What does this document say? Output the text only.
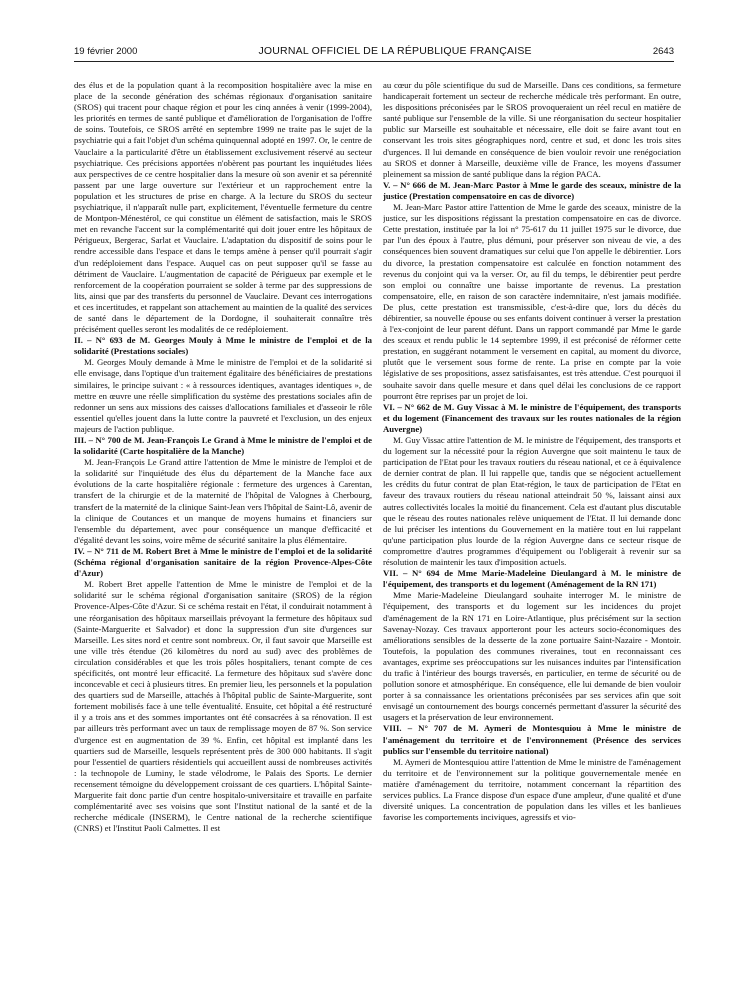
19 février 2000	JOURNAL OFFICIEL DE LA RÉPUBLIQUE FRANÇAISE	2643

des élus et de la population quant à la recomposition hospitalière avec la mise en place de la seconde génération des schémas régionaux d'organisation sanitaire (SROS) qui tracent pour chaque région et pour les cinq années à venir (1999-2004), les priorités en termes de santé publique et d'amélioration de l'organisation de l'offre de soins. Toutefois, ce SROS arrêté en septembre 1999 ne traite pas le sujet de la psychiatrie qui a fait l'objet d'un schéma quinquennal adopté en 1997. Or, le centre de Vauclaire a la particularité d'être un établissement exclusivement réservé au secteur psychiatrique. Ces précisions apportées n'obèrent pas pourtant les inquiétudes liées aux perspectives de ce centre hospitalier dans la mesure où son avenir et sa pérennité passent par une large ouverture sur l'extérieur et un rapprochement entre la population et les structures de prise en charge. A la lecture du SROS du secteur psychiatrique, il n'apparaît nulle part, explicitement, l'éventuelle fermeture du centre de Montpon-Ménestérol, ce qui constitue un élément de satisfaction, mais le SROS met en revanche l'accent sur la complémentarité qui doit jouer entre les hôpitaux de Périgueux, Bergerac, Sarlat et Vauclaire. L'adaptation du dispositif de soins pour le rendre accessible dans l'espace et dans le temps amène à penser qu'il pourrait s'agir d'un redéploiement dans l'espace. Auquel cas on peut supposer qu'il se fasse au détriment de Vauclaire. L'augmentation de capacité de Périgueux par exemple et le renforcement de la coopération pourraient se solder à terme par des suppressions de lits, ainsi que par des transferts du personnel de Vauclaire. Devant ces interrogations et ces incertitudes, et rappelant son attachement au maintien de la qualité des services de santé dans le département de la Dordogne, il souhaiterait connaître très précisément quelles seront les modalités de ce redéploiement.

II. – N° 693 de M. Georges Mouly à Mme le ministre de l'emploi et de la solidarité (Prestations sociales)

M. Georges Mouly demande à Mme le ministre de l'emploi et de la solidarité si elle envisage, dans l'optique d'un traitement égalitaire des bénéficiaires de prestations similaires, le principe suivant : « à ressources identiques, avantages identiques », de mettre en œuvre une réelle simplification du système des prestations sociales afin de redonner un sens aux missions des caisses d'allocations familiales et d'asseoir le rôle essentiel qu'elles jouent dans la lutte contre la pauvreté et l'exclusion, un des enjeux majeurs de l'action publique.

III. – N° 700 de M. Jean-François Le Grand à Mme le ministre de l'emploi et de la solidarité (Carte hospitalière de la Manche)

M. Jean-François Le Grand attire l'attention de Mme le ministre de l'emploi et de la solidarité sur l'inquiétude des élus du département de la Manche face aux évolutions de la carte hospitalière régionale : fermeture des urgences à Carentan, transfert de la chirurgie et de la maternité de l'hôpital de Valognes à Cherbourg, transfert de la maternité de la clinique Saint-Jean vers l'hôpital de Saint-Lô, avenir de la clinique de Coutances et un manque de moyens humains et financiers sur l'ensemble du département, avec pour conséquence un manque d'efficacité et d'égalité devant les soins, voire même de sécurité sanitaire la plus élémentaire.

IV. – N° 711 de M. Robert Bret à Mme le ministre de l'emploi et de la solidarité (Schéma régional d'organisation sanitaire de la région Provence-Alpes-Côte d'Azur)

M. Robert Bret appelle l'attention de Mme le ministre de l'emploi et de la solidarité sur le schéma régional d'organisation sanitaire (SROS) de la région Provence-Alpes-Côte d'Azur. Si ce schéma restait en l'état, il conduirait notamment à une réorganisation des hôpitaux marseillais prévoyant la fermeture des hôpitaux sud (Sainte-Marguerite et Salvador) et donc la suppression d'un site d'urgences sur Marseille. Les sites nord et centre sont nombreux. Or, il faut savoir que Marseille est une ville très étendue (26 kilomètres du nord au sud) avec des problèmes de circulation considérables et que les trois pôles hospitaliers, tenant compte de ces spécificités, ont montré leur efficacité. La fermeture des hôpitaux sud s'avère donc inconcevable et ceci à plusieurs titres. En premier lieu, les personnels et la population des quartiers sud de Marseille, attachés à l'hôpital public de Sainte-Marguerite, sont fortement mobilisés face à une telle éventualité. Ensuite, cet hôpital a été restructuré il y a trois ans et des sommes importantes ont été consacrées à sa rénovation. Il est par ailleurs très performant avec un taux de remplissage moyen de 87 %. Son service d'urgence est en augmentation de 39 %. Enfin, cet hôpital est implanté dans les quartiers sud de Marseille, lesquels représentent près de 300 000 habitants. Il s'agit pour l'essentiel de quartiers résidentiels qui accueillent aussi de nombreuses activités : la technopole de Luminy, le stade vélodrome, le Palais des Sports. Le dernier recensement témoigne du développement croissant de ces quartiers. L'hôpital Sainte-Marguerite fait donc partie d'un centre hospitalo-universitaire et travaille en parfaite complémentarité avec ses voisins que sont l'Institut national de la santé et de la recherche médicale (INSERM), le Centre national de la recherche scientifique (CNRS) et l'Institut Paoli Calmettes. Il est

au cœur du pôle scientifique du sud de Marseille. Dans ces conditions, sa fermeture handicaperait fortement un secteur de recherche médicale très performant. En outre, les dispositions préconisées par le SROS provoqueraient un réel recul en matière de santé publique sur l'ensemble de la ville. Si une réorganisation du secteur hospitalier public sur Marseille est souhaitable et nécessaire, elle doit se faire avant tout en conservant les trois sites géographiques nord, centre et sud, et donc les trois sites d'urgences. Il lui demande en conséquence de bien vouloir revoir une renégociation au SROS et donner à Marseille, deuxième ville de France, les moyens d'assumer pleinement sa mission de santé publique dans la région PACA.

V. – N° 666 de M. Jean-Marc Pastor à Mme le garde des sceaux, ministre de la justice (Prestation compensatoire en cas de divorce)

M. Jean-Marc Pastor attire l'attention de Mme le garde des sceaux, ministre de la justice, sur les dispositions régissant la prestation compensatoire en cas de divorce. Cette prestation, instituée par la loi n° 75-617 du 11 juillet 1975 sur le divorce, due par l'un des époux à l'autre, plus démuni, pour préserver son niveau de vie, a des conséquences bien souvent dramatiques sur celui que l'on appelle le débirentier. Lors du divorce, la prestation compensatoire est calculée en fonction notamment des revenus du conjoint qui va la verser. Or, au fil du temps, le débirentier peut perdre son emploi ou connaître une baisse importante de revenus. La prestation compensatoire, elle, en raison de son caractère indemnitaire, n'est jamais modifiée. De plus, cette prestation est transmissible, c'est-à-dire que, lors du décès du débirentier, sa nouvelle épouse ou ses enfants doivent continuer à verser la prestation à l'ex-conjoint de leur parent défunt. Dans un rapport commandé par Mme le garde des sceaux et rendu public le 14 septembre 1999, il est préconisé de réformer cette prestation, en suggérant notamment le versement en capital, au moment du divorce, plutôt que le versement sous forme de rente. La prise en compte par la voie législative de ses propositions, assez satisfaisantes, est très attendue. C'est pourquoi il souhaite savoir dans quelle mesure et dans quel délai les conclusions de ce rapport pourront être reprises par un projet de loi.

VI. – N° 662 de M. Guy Vissac à M. le ministre de l'équipement, des transports et du logement (Financement des travaux sur les routes nationales de la région Auvergne)

M. Guy Vissac attire l'attention de M. le ministre de l'équipement, des transports et du logement sur la nécessité pour la région Auvergne que soit maintenu le taux de participation de l'Etat pour les travaux routiers du réseau national, et ce à équivalence de dernier contrat de plan. Il lui rappelle que, tandis que se négocient actuellement les crédits du futur contrat de plan Etat-région, le taux de participation de l'Etat en faveur des travaux routiers du réseau national atteindrait 50 %, laissant ainsi aux autres collectivités locales la moitié du financement. Cela est d'autant plus discutable que le réseau des routes nationales relève uniquement de l'Etat. Il lui demande donc de lui préciser les intentions du Gouvernement en la matière tout en lui rappelant qu'une participation plus lourde de la région Auvergne dans ce secteur risque de compromettre d'autres programmes d'équipement ou l'obligerait à revenir sur sa résolution de maintenir les taux d'imposition actuels.

VII. – N° 694 de Mme Marie-Madeleine Dieulangard à M. le ministre de l'équipement, des transports et du logement (Aménagement de la RN 171)

Mme Marie-Madeleine Dieulangard souhaite interroger M. le ministre de l'équipement, des transports et du logement sur les incidences du projet d'aménagement de la RN 171 en Loire-Atlantique, plus précisément sur la section Savenay-Nozay. Ces travaux apporteront pour les acteurs socio-économiques des améliorations sensibles de la desserte de la zone portuaire Saint-Nazaire - Montoir. Toutefois, la population des communes riveraines, tout en reconnaissant ces avantages, exprime ses préoccupations sur les nuisances induites par l'intensification du trafic à l'intérieur des bourgs traversés, en particulier, en terme de sécurité ou de pollution sonore et atmosphérique. En conséquence, elle lui demande de bien vouloir porter à sa connaissance les orientations préconisées par ses services afin que soit envisagé un contournement des bourgs concernés permettant d'assurer la sécurité des usagers et la préservation de leur environnement.

VIII. – N° 707 de M. Aymeri de Montesquiou à Mme le ministre de l'aménagement du territoire et de l'environnement (Présence des services publics sur l'ensemble du territoire national)

M. Aymeri de Montesquiou attire l'attention de Mme le ministre de l'aménagement du territoire et de l'environnement sur la politique gouvernementale menée en matière d'aménagement du territoire, notamment concernant la répartition des services publics. La France dispose d'un espace d'une ampleur, d'une qualité et d'une diversité uniques. La concentration de population dans les villes et les banlieues favorise les comportements inciviques, agressifs et vio-
